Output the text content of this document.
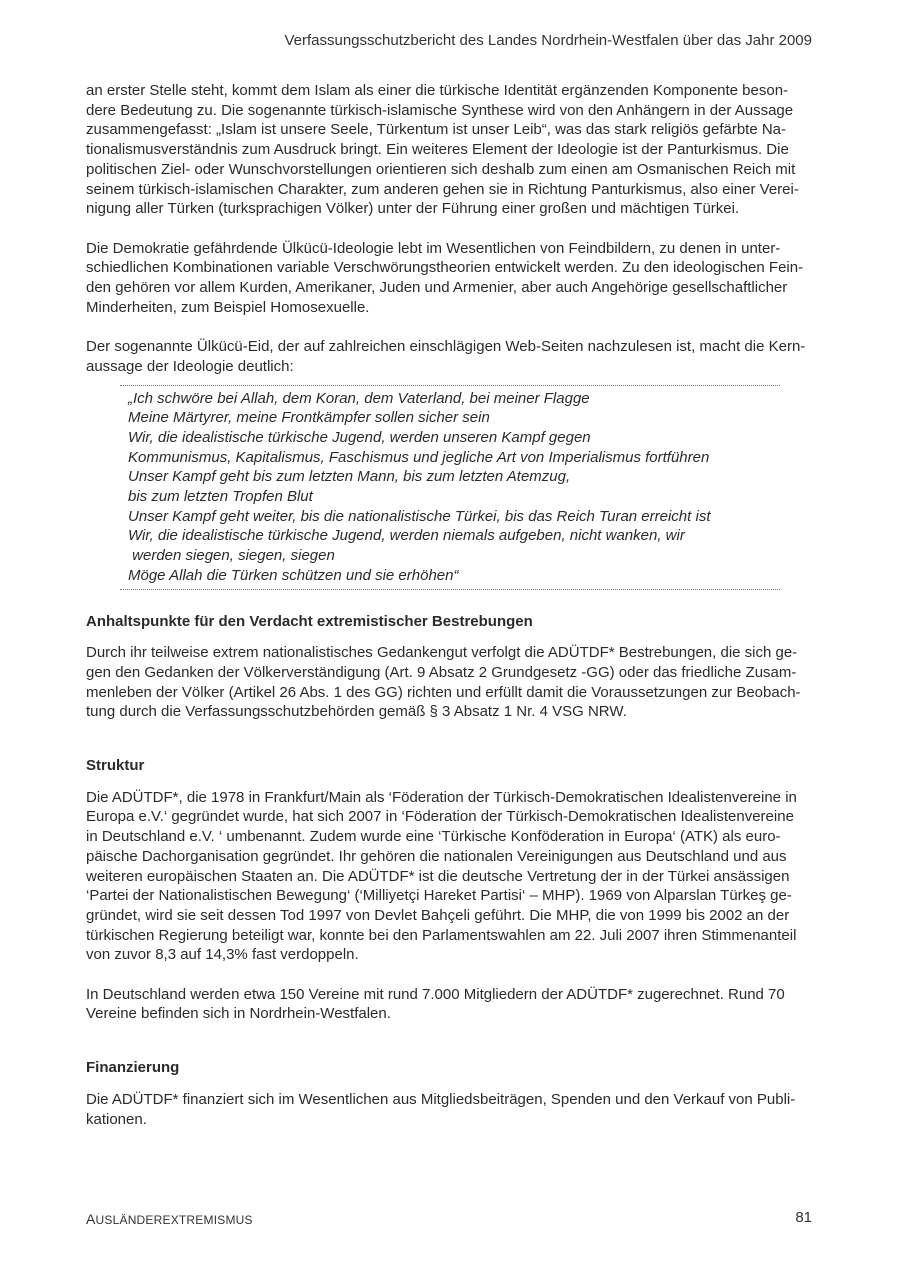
Verfassungsschutzbericht des Landes Nordrhein-Westfalen über das Jahr 2009
an erster Stelle steht, kommt dem Islam als einer die türkische Identität ergänzenden Komponente beson-
dere Bedeutung zu. Die sogenannte türkisch-islamische Synthese wird von den Anhängern in der Aussage
zusammengefasst: „Islam ist unsere Seele, Türkentum ist unser Leib“, was das stark religiös gefärbte Na-
tionalismusverständnis zum Ausdruck bringt. Ein weiteres Element der Ideologie ist der Panturkismus. Die
politischen Ziel- oder Wunschvorstellungen orientieren sich deshalb zum einen am Osmanischen Reich mit
seinem türkisch-islamischen Charakter, zum anderen gehen sie in Richtung Panturkismus, also einer Verei-
nigung aller Türken (turksprachigen Völker) unter der Führung einer großen und mächtigen Türkei.
Die Demokratie gefährdende Ülkücü-Ideologie lebt im Wesentlichen von Feindbildern, zu denen in unter-
schiedlichen Kombinationen variable Verschwörungstheorien entwickelt werden. Zu den ideologischen Fein-
den gehören vor allem Kurden, Amerikaner, Juden und Armenier, aber auch Angehörige gesellschaftlicher
Minderheiten, zum Beispiel Homosexuelle.
Der sogenannte Ülkücü-Eid, der auf zahlreichen einschlägigen Web-Seiten nachzulesen ist, macht die Kern-
aussage der Ideologie deutlich:
„Ich schwöre bei Allah, dem Koran, dem Vaterland, bei meiner Flagge
Meine Märtyrer, meine Frontkämpfer sollen sicher sein
Wir, die idealistische türkische Jugend, werden unseren Kampf gegen
Kommunismus, Kapitalismus, Faschismus und jegliche Art von Imperialismus fortführen
Unser Kampf geht bis zum letzten Mann, bis zum letzten Atemzug,
bis zum letzten Tropfen Blut
Unser Kampf geht weiter, bis die nationalistische Türkei, bis das Reich Turan erreicht ist
Wir, die idealistische türkische Jugend, werden niemals aufgeben, nicht wanken, wir
werden siegen, siegen, siegen
Möge Allah die Türken schützen und sie erhöhen“
Anhaltspunkte für den Verdacht extremistischer Bestrebungen
Durch ihr teilweise extrem nationalistisches Gedankengut verfolgt die ADÜTDF* Bestrebungen, die sich ge-
gen den Gedanken der Völkerverständigung (Art. 9 Absatz 2 Grundgesetz -GG) oder das friedliche Zusam-
menleben der Völker (Artikel 26 Abs. 1 des GG) richten und erfüllt damit die Voraussetzungen zur Beobach-
tung durch die Verfassungsschutzbehörden gemäß § 3 Absatz 1 Nr. 4 VSG NRW.
Struktur
Die ADÜTDF*, die 1978 in Frankfurt/Main als ‘Föderation der Türkisch-Demokratischen Idealistenvereine in
Europa e.V.‘ gegründet wurde, hat sich 2007 in ‘Föderation der Türkisch-Demokratischen Idealistenvereine
in Deutschland e.V. ‘ umbenannt. Zudem wurde eine ‘Türkische Konföderation in Europa‘ (ATK) als euro-
päische Dachorganisation gegründet. Ihr gehören die nationalen Vereinigungen aus Deutschland und aus
weiteren europäischen Staaten an. Die ADÜTDF* ist die deutsche Vertretung der in der Türkei ansässigen
‘Partei der Nationalistischen Bewegung‘ (‘Milliyetçi Hareket Partisi‘ – MHP). 1969 von Alparslan Türkeş ge-
gründet, wird sie seit dessen Tod 1997 von Devlet Bahçeli geführt. Die MHP, die von 1999 bis 2002 an der
türkischen Regierung beteiligt war, konnte bei den Parlamentswahlen am 22. Juli 2007 ihren Stimmenanteil
von zuvor 8,3 auf 14,3% fast verdoppeln.
In Deutschland werden etwa 150 Vereine mit rund 7.000 Mitgliedern der ADÜTDF* zugerechnet. Rund 70
Vereine befinden sich in Nordrhein-Westfalen.
Finanzierung
Die ADÜTDF* finanziert sich im Wesentlichen aus Mitgliedsbeiträgen, Spenden und den Verkauf von Publi-
kationen.
AUSLÄNDEREXTREMISMUS	81
